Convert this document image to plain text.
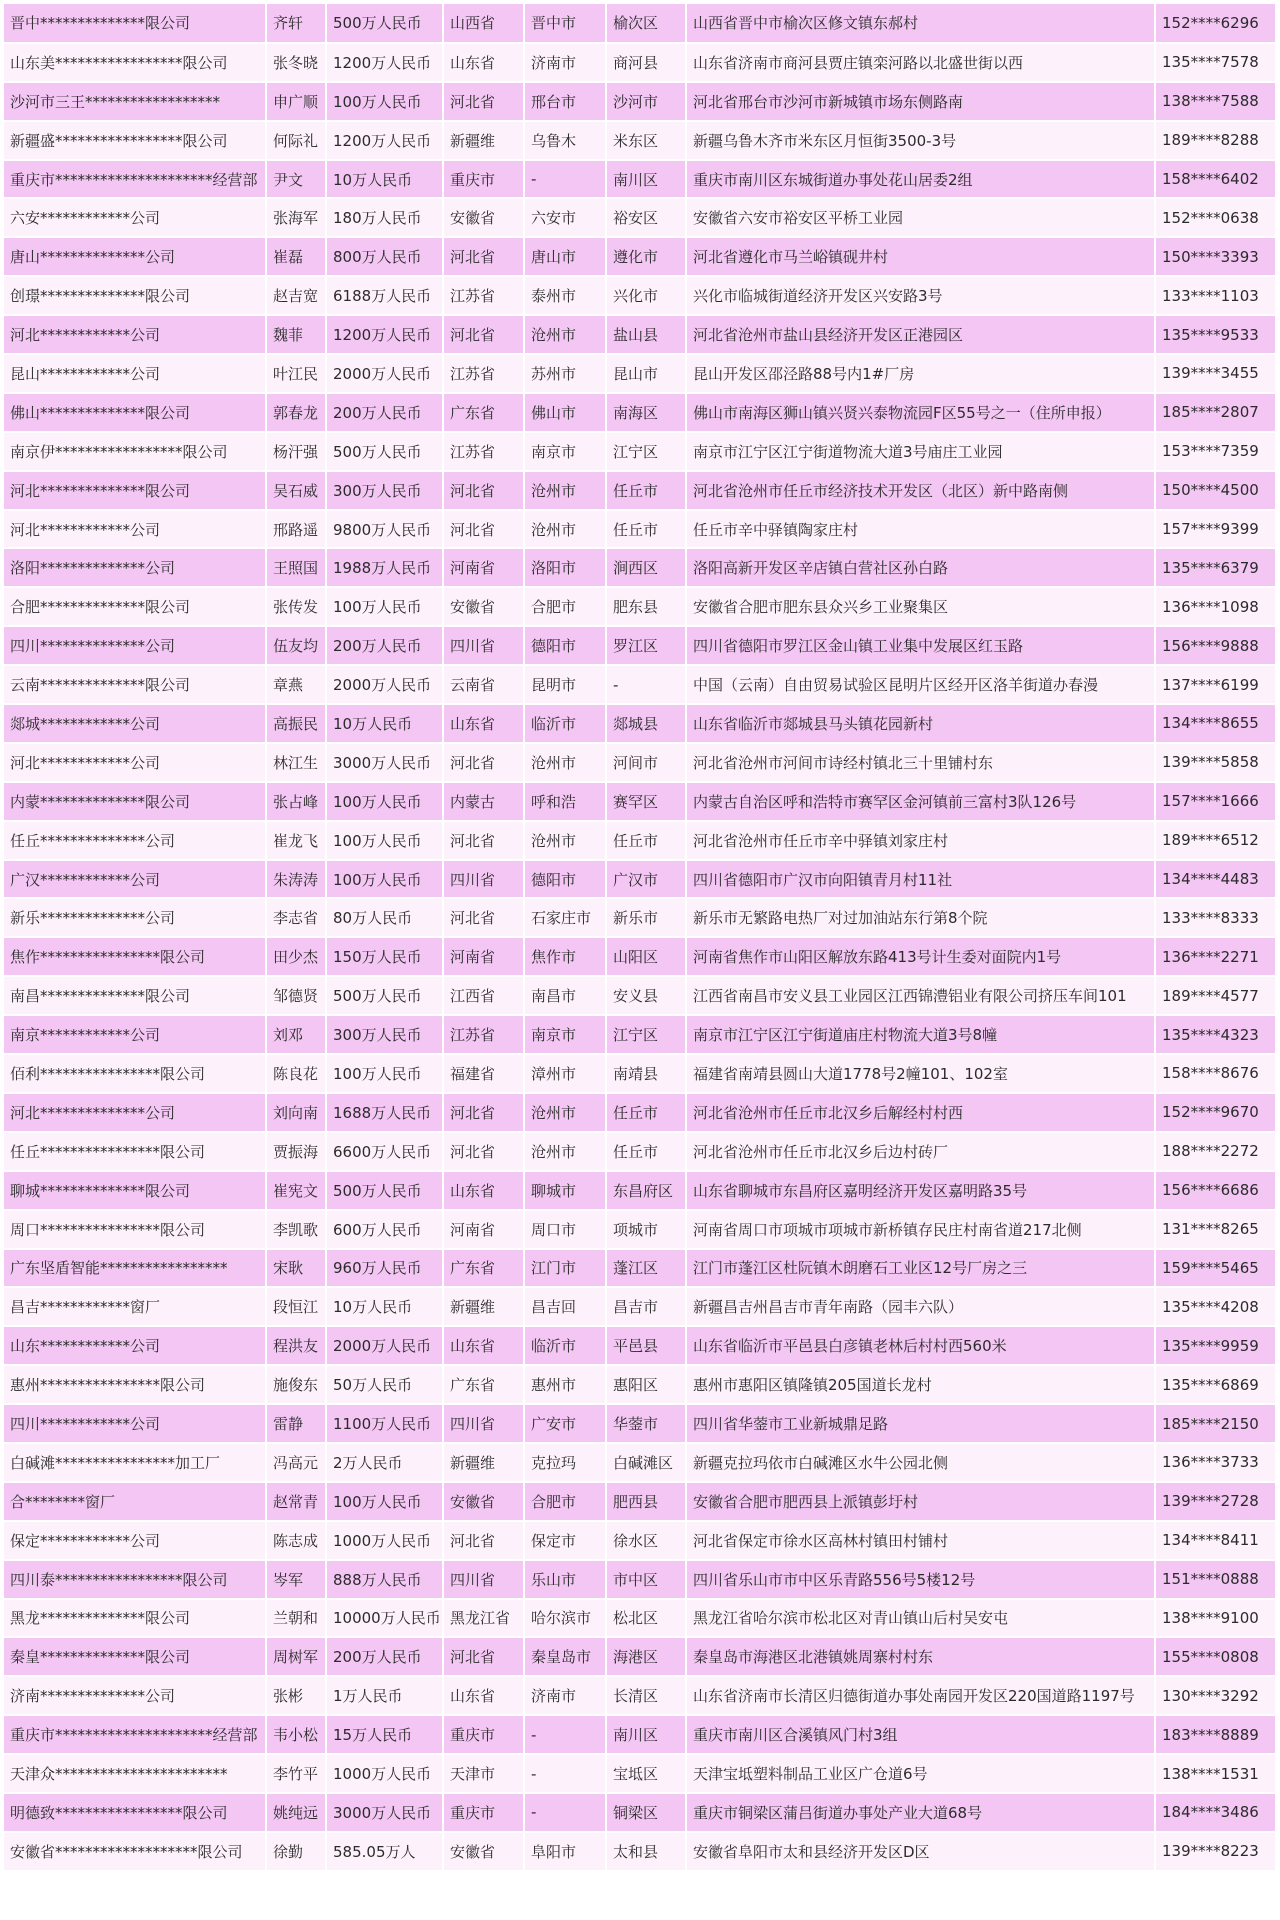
晋中**************限公司	齐轩	500万人民币	山西省	晋中市	榆次区	山西省晋中市榆次区修文镇东郝村	152****6296
山东美*****************限公司	张冬晓	1200万人民币	山东省	济南市	商河县	山东省济南市商河县贾庄镇栾河路以北盛世街以西	135****7578
沙河市三王******************	申广顺	100万人民币	河北省	邢台市	沙河市	河北省邢台市沙河市新城镇市场东侧路南	138****7588
新疆盛*****************限公司	何际礼	1200万人民币	新疆维	乌鲁木	米东区	新疆乌鲁木齐市米东区月恒街3500-3号	189****8288
重庆市*********************经营部	尹文	10万人民币	重庆市	-	南川区	重庆市南川区东城街道办事处花山居委2组	158****6402
六安************公司	张海军	180万人民币	安徽省	六安市	裕安区	安徽省六安市裕安区平桥工业园	152****0638
唐山**************公司	崔磊	800万人民币	河北省	唐山市	遵化市	河北省遵化市马兰峪镇砚井村	150****3393
创璟**************限公司	赵吉宽	6188万人民币	江苏省	泰州市	兴化市	兴化市临城街道经济开发区兴安路3号	133****1103
河北************公司	魏菲	1200万人民币	河北省	沧州市	盐山县	河北省沧州市盐山县经济开发区正港园区	135****9533
昆山************公司	叶江民	2000万人民币	江苏省	苏州市	昆山市	昆山开发区邵泾路88号内1#厂房	139****3455
佛山**************限公司	郭春龙	200万人民币	广东省	佛山市	南海区	佛山市南海区狮山镇兴贤兴泰物流园F区55号之一（住所申报）	185****2807
南京伊*****************限公司	杨汗强	500万人民币	江苏省	南京市	江宁区	南京市江宁区江宁街道物流大道3号庙庄工业园	153****7359
河北**************限公司	吴石威	300万人民币	河北省	沧州市	任丘市	河北省沧州市任丘市经济技术开发区（北区）新中路南侧	150****4500
河北************公司	邢路遥	9800万人民币	河北省	沧州市	任丘市	任丘市辛中驿镇陶家庄村	157****9399
洛阳**************公司	王照国	1988万人民币	河南省	洛阳市	涧西区	洛阳高新开发区辛店镇白营社区孙白路	135****6379
合肥**************限公司	张传发	100万人民币	安徽省	合肥市	肥东县	安徽省合肥市肥东县众兴乡工业聚集区	136****1098
四川**************公司	伍友均	200万人民币	四川省	德阳市	罗江区	四川省德阳市罗江区金山镇工业集中发展区红玉路	156****9888
云南**************限公司	章燕	2000万人民币	云南省	昆明市	-	中国（云南）自由贸易试验区昆明片区经开区洛羊街道办春漫	137****6199
郯城************公司	高振民	10万人民币	山东省	临沂市	郯城县	山东省临沂市郯城县马头镇花园新村	134****8655
河北************公司	林江生	3000万人民币	河北省	沧州市	河间市	河北省沧州市河间市诗经村镇北三十里铺村东	139****5858
内蒙**************限公司	张占峰	100万人民币	内蒙古	呼和浩	赛罕区	内蒙古自治区呼和浩特市赛罕区金河镇前三富村3队126号	157****1666
任丘**************公司	崔龙飞	100万人民币	河北省	沧州市	任丘市	河北省沧州市任丘市辛中驿镇刘家庄村	189****6512
广汉************公司	朱涛涛	100万人民币	四川省	德阳市	广汉市	四川省德阳市广汉市向阳镇青月村11社	134****4483
新乐**************公司	李志省	80万人民币	河北省	石家庄市	新乐市	新乐市无繁路电热厂对过加油站东行第8个院	133****8333
焦作****************限公司	田少杰	150万人民币	河南省	焦作市	山阳区	河南省焦作市山阳区解放东路413号计生委对面院内1号	136****2271
南昌**************限公司	邹德贤	500万人民币	江西省	南昌市	安义县	江西省南昌市安义县工业园区江西锦澧铝业有限公司挤压车间101	189****4577
南京************公司	刘邓	300万人民币	江苏省	南京市	江宁区	南京市江宁区江宁街道庙庄村物流大道3号8幢	135****4323
佰利****************限公司	陈良花	100万人民币	福建省	漳州市	南靖县	福建省南靖县圆山大道1778号2幢101、102室	158****8676
河北**************公司	刘向南	1688万人民币	河北省	沧州市	任丘市	河北省沧州市任丘市北汉乡后解经村村西	152****9670
任丘****************限公司	贾振海	6600万人民币	河北省	沧州市	任丘市	河北省沧州市任丘市北汉乡后边村砖厂	188****2272
聊城**************限公司	崔宪文	500万人民币	山东省	聊城市	东昌府区	山东省聊城市东昌府区嘉明经济开发区嘉明路35号	156****6686
周口****************限公司	李凯歌	600万人民币	河南省	周口市	项城市	河南省周口市项城市项城市新桥镇存民庄村南省道217北侧	131****8265
广东坚盾智能*****************	宋耿	960万人民币	广东省	江门市	蓬江区	江门市蓬江区杜阮镇木朗磨石工业区12号厂房之三	159****5465
昌吉************窗厂	段恒江	10万人民币	新疆维	昌吉回	昌吉市	新疆昌吉州昌吉市青年南路（园丰六队）	135****4208
山东************公司	程洪友	2000万人民币	山东省	临沂市	平邑县	山东省临沂市平邑县白彦镇老林后村村西560米	135****9959
惠州****************限公司	施俊东	50万人民币	广东省	惠州市	惠阳区	惠州市惠阳区镇隆镇205国道长龙村	135****6869
四川************公司	雷静	1100万人民币	四川省	广安市	华蓥市	四川省华蓥市工业新城鼎足路	185****2150
白碱滩****************加工厂	冯高元	2万人民币	新疆维	克拉玛	白碱滩区	新疆克拉玛依市白碱滩区水牛公园北侧	136****3733
合********窗厂	赵常青	100万人民币	安徽省	合肥市	肥西县	安徽省合肥市肥西县上派镇彭圩村	139****2728
保定************公司	陈志成	1000万人民币	河北省	保定市	徐水区	河北省保定市徐水区高林村镇田村铺村	134****8411
四川泰*****************限公司	岑军	888万人民币	四川省	乐山市	市中区	四川省乐山市市中区乐青路556号5楼12号	151****0888
黑龙**************限公司	兰朝和	10000万人民币	黑龙江省	哈尔滨市	松北区	黑龙江省哈尔滨市松北区对青山镇山后村吴安屯	138****9100
秦皇**************限公司	周树军	200万人民币	河北省	秦皇岛市	海港区	秦皇岛市海港区北港镇姚周寨村村东	155****0808
济南**************公司	张彬	1万人民币	山东省	济南市	长清区	山东省济南市长清区归德街道办事处南园开发区220国道路1197号	130****3292
重庆市*********************经营部	韦小松	15万人民币	重庆市	-	南川区	重庆市南川区合溪镇风门村3组	183****8889
天津众***********************	李竹平	1000万人民币	天津市	-	宝坻区	天津宝坻塑料制品工业区广仓道6号	138****1531
明德致*****************限公司	姚纯远	3000万人民币	重庆市	-	铜梁区	重庆市铜梁区蒲吕街道办事处产业大道68号	184****3486
安徽省*******************限公司	徐勤	585.05万人	安徽省	阜阳市	太和县	安徽省阜阳市太和县经济开发区D区	139****8223
